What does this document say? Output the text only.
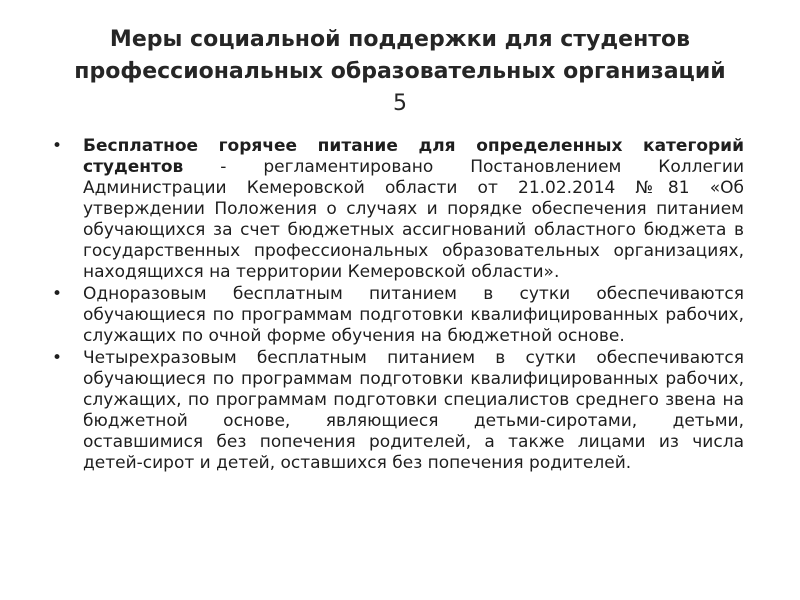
Меры социальной поддержки для студентов профессиональных образовательных организаций 5
•	Бесплатное горячее питание для определенных категорий студентов - регламентировано Постановлением Коллегии Администрации Кемеровской области от 21.02.2014 №81 «Об утверждении Положения о случаях и порядке обеспечения питанием обучающихся за счет бюджетных ассигнований областного бюджета в государственных профессиональных образовательных организациях, находящихся на территории Кемеровской области».
•	Одноразовым бесплатным питанием в сутки обеспечиваются обучающиеся по программам подготовки квалифицированных рабочих, служащих по очной форме обучения на бюджетной основе.
•	Четырехразовым бесплатным питанием в сутки обеспечиваются обучающиеся по программам подготовки квалифицированных рабочих, служащих, по программам подготовки специалистов среднего звена на бюджетной основе, являющиеся детьми-сиротами, детьми, оставшимися без попечения родителей, а также лицами из числа детей-сирот и детей, оставшихся без попечения родителей.
